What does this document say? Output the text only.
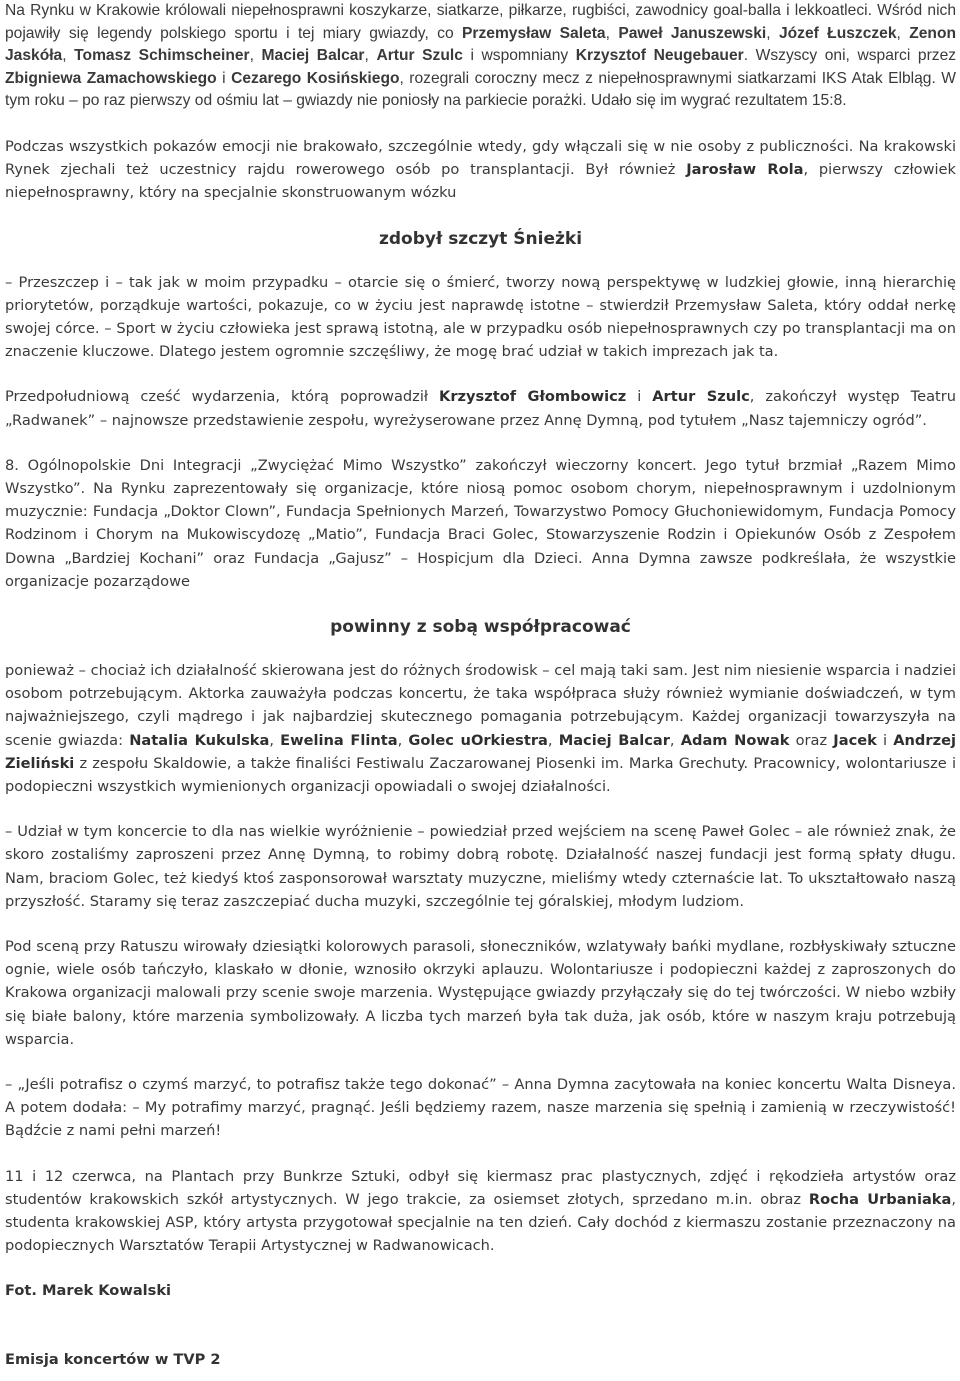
Na Rynku w Krakowie królowali niepełnosprawni koszykarze, siatkarze, piłkarze, rugbiści, zawodnicy goal-balla i lekkoatleci. Wśród nich pojawiły się legendy polskiego sportu i tej miary gwiazdy, co Przemysław Saleta, Paweł Januszewski, Józef Łuszczek, Zenon Jaskóła, Tomasz Schimscheiner, Maciej Balcar, Artur Szulc i wspomniany Krzysztof Neugebauer. Wszyscy oni, wsparci przez Zbigniewa Zamachowskiego i Cezarego Kosińskiego, rozegrali coroczny mecz z niepełnosprawnymi siatkarzami IKS Atak Elbląg. W tym roku – po raz pierwszy od ośmiu lat – gwiazdy nie poniosły na parkiecie porażki. Udało się im wygrać rezultatem 15:8.

Podczas wszystkich pokazów emocji nie brakowało, szczególnie wtedy, gdy włączali się w nie osoby z publiczności. Na krakowski Rynek zjechali też uczestnicy rajdu rowerowego osób po transplantacji. Był również Jarosław Rola, pierwszy człowiek niepełnosprawny, który na specjalnie skonstruowanym wózku

zdobył szczyt Śnieżki

– Przeszczep i – tak jak w moim przypadku – otarcie się o śmierć, tworzy nową perspektywę w ludzkiej głowie, inną hierarchię priorytetów, porządkuje wartości, pokazuje, co w życiu jest naprawdę istotne – stwierdził Przemysław Saleta, który oddał nerkę swojej córce. – Sport w życiu człowieka jest sprawą istotną, ale w przypadku osób niepełnosprawnych czy po transplantacji ma on znaczenie kluczowe. Dlatego jestem ogromnie szczęśliwy, że mogę brać udział w takich imprezach jak ta.

Przedpołudniową cześć wydarzenia, którą poprowadził Krzysztof Głombowicz i Artur Szulc, zakończył występ Teatru „Radwanek” – najnowsze przedstawienie zespołu, wyreżyserowane przez Annę Dymną, pod tytułem „Nasz tajemniczy ogród”.

8. Ogólnopolskie Dni Integracji „Zwyciężać Mimo Wszystko” zakończył wieczorny koncert. Jego tytuł brzmiał „Razem Mimo Wszystko”. Na Rynku zaprezentowały się organizacje, które niosą pomoc osobom chorym, niepełnosprawnym i uzdolnionym muzycznie: Fundacja „Doktor Clown”, Fundacja Spełnionych Marzeń, Towarzystwo Pomocy Głuchoniewidomym, Fundacja Pomocy Rodzinom i Chorym na Mukowiscydozę „Matio”, Fundacja Braci Golec, Stowarzyszenie Rodzin i Opiekunów Osób z Zespołem Downa „Bardziej Kochani” oraz Fundacja „Gajusz” – Hospicjum dla Dzieci. Anna Dymna zawsze podkreślała, że wszystkie organizacje pozarządowe

powinny z sobą współpracować

ponieważ – chociaż ich działalność skierowana jest do różnych środowisk – cel mają taki sam. Jest nim niesienie wsparcia i nadziei osobom potrzebującym. Aktorka zauważyła podczas koncertu, że taka współpraca służy również wymianie doświadczeń, w tym najważniejszego, czyli mądrego i jak najbardziej skutecznego pomagania potrzebującym. Każdej organizacji towarzyszyła na scenie gwiazda: Natalia Kukulska, Ewelina Flinta, Golec uOrkiestra, Maciej Balcar, Adam Nowak oraz Jacek i Andrzej Zieliński z zespołu Skaldowie, a także finaliści Festiwalu Zaczarowanej Piosenki im. Marka Grechuty. Pracownicy, wolontariusze i podopieczni wszystkich wymienionych organizacji opowiadali o swojej działalności.

– Udział w tym koncercie to dla nas wielkie wyróżnienie – powiedział przed wejściem na scenę Paweł Golec – ale również znak, że skoro zostaliśmy zaproszeni przez Annę Dymną, to robimy dobrą robotę. Działalność naszej fundacji jest formą spłaty długu. Nam, braciom Golec, też kiedyś ktoś zasponsorował warsztaty muzyczne, mieliśmy wtedy czternaście lat. To ukształtowało naszą przyszłość. Staramy się teraz zaszczepiać ducha muzyki, szczególnie tej góralskiej, młodym ludziom.

Pod sceną przy Ratuszu wirowały dziesiątki kolorowych parasoli, słoneczników, wzlatywały bańki mydlane, rozbłyskiwały sztuczne ognie, wiele osób tańczyło, klaskało w dłonie, wznosiło okrzyki aplauzu. Wolontariusze i podopieczni każdej z zaproszonych do Krakowa organizacji malowali przy scenie swoje marzenia. Występujące gwiazdy przyłączały się do tej twórczości. W niebo wzbiły się białe balony, które marzenia symbolizowały. A liczba tych marzeń była tak duża, jak osób, które w naszym kraju potrzebują wsparcia.

– „Jeśli potrafisz o czymś marzyć, to potrafisz także tego dokonać” – Anna Dymna zacytowała na koniec koncertu Walta Disneya. A potem dodała: – My potrafimy marzyć, pragnąć. Jeśli będziemy razem, nasze marzenia się spełnią i zamienią w rzeczywistość! Bądźcie z nami pełni marzeń!

11 i 12 czerwca, na Plantach przy Bunkrze Sztuki, odbył się kiermasz prac plastycznych, zdjęć i rękodzieła artystów oraz studentów krakowskich szkół artystycznych. W jego trakcie, za osiemset złotych, sprzedano m.in. obraz Rocha Urbaniaka, studenta krakowskiej ASP, który artysta przygotował specjalnie na ten dzień. Cały dochód z kiermaszu zostanie przeznaczony na podopiecznych Warsztatów Terapii Artystycznej w Radwanowicach.

Fot. Marek Kowalski
Emisja koncertów w TVP 2
